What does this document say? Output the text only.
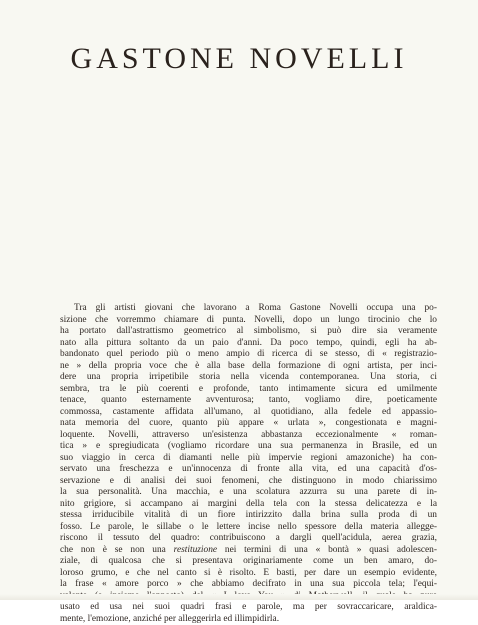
GASTONE NOVELLI
Tra gli artisti giovani che lavorano a Roma Gastone Novelli occupa una po-
sizione che vorremmo chiamare di punta. Novelli, dopo un lungo tirocinio che lo
ha portato dall'astrattismo geometrico al simbolismo, si può dire sia veramente
nato alla pittura soltanto da un paio d'anni. Da poco tempo, quindi, egli ha ab-
bandonato quel periodo più o meno ampio di ricerca di se stesso, di « registrazio-
ne » della propria voce che è alla base della formazione di ogni artista, per inci-
dere una propria irripetibile storia nella vicenda contemporanea. Una storia, ci
sembra, tra le più coerenti e profonde, tanto intimamente sicura ed umilmente
tenace, quanto esternamente avventurosa; tanto, vogliamo dire, poeticamente
commossa, castamente affidata all'umano, al quotidiano, alla fedele ed appassio-
nata memoria del cuore, quanto più appare « urlata », congestionata e magni-
loquente. Novelli, attraverso un'esistenza abbastanza eccezionalmente « roman-
tica » e spregiudicata (vogliamo ricordare una sua permanenza in Brasile, ed un
suo viaggio in cerca di diamanti nelle più impervie regioni amazoniche) ha con-
servato una freschezza e un'innocenza di fronte alla vita, ed una capacità d'os-
servazione e di analisi dei suoi fenomeni, che distinguono in modo chiarissimo
la sua personalità. Una macchia, e una scolatura azzurra su una parete di in-
nito grigiore, si accampano ai margini della tela con la stessa delicatezza e la
stessa irriducibile vitalità di un fiore intirizzito dalla brina sulla proda di un
fosso. Le parole, le sillabe o le lettere incise nello spessore della materia allegge-
riscono il tessuto del quadro: contribuiscono a dargli quell'acidula, aerea grazia,
che non è se non una restituzione nei termini di una « bontà » quasi adolescen-
ziale, di qualcosa che si presentava originariamente come un ben amaro, do-
loroso grumo, e che nel canto si è risolto. E basti, per dare un esempio evidente,
la frase « amore porco » che abbiamo decifrato in una sua piccola tela; l'equi-
usato ed usa nei suoi quadri frasi e parole, ma per sovraccaricare, araldica-
mente, l'emozione, anziché per alleggerirla ed illimpidirla.
